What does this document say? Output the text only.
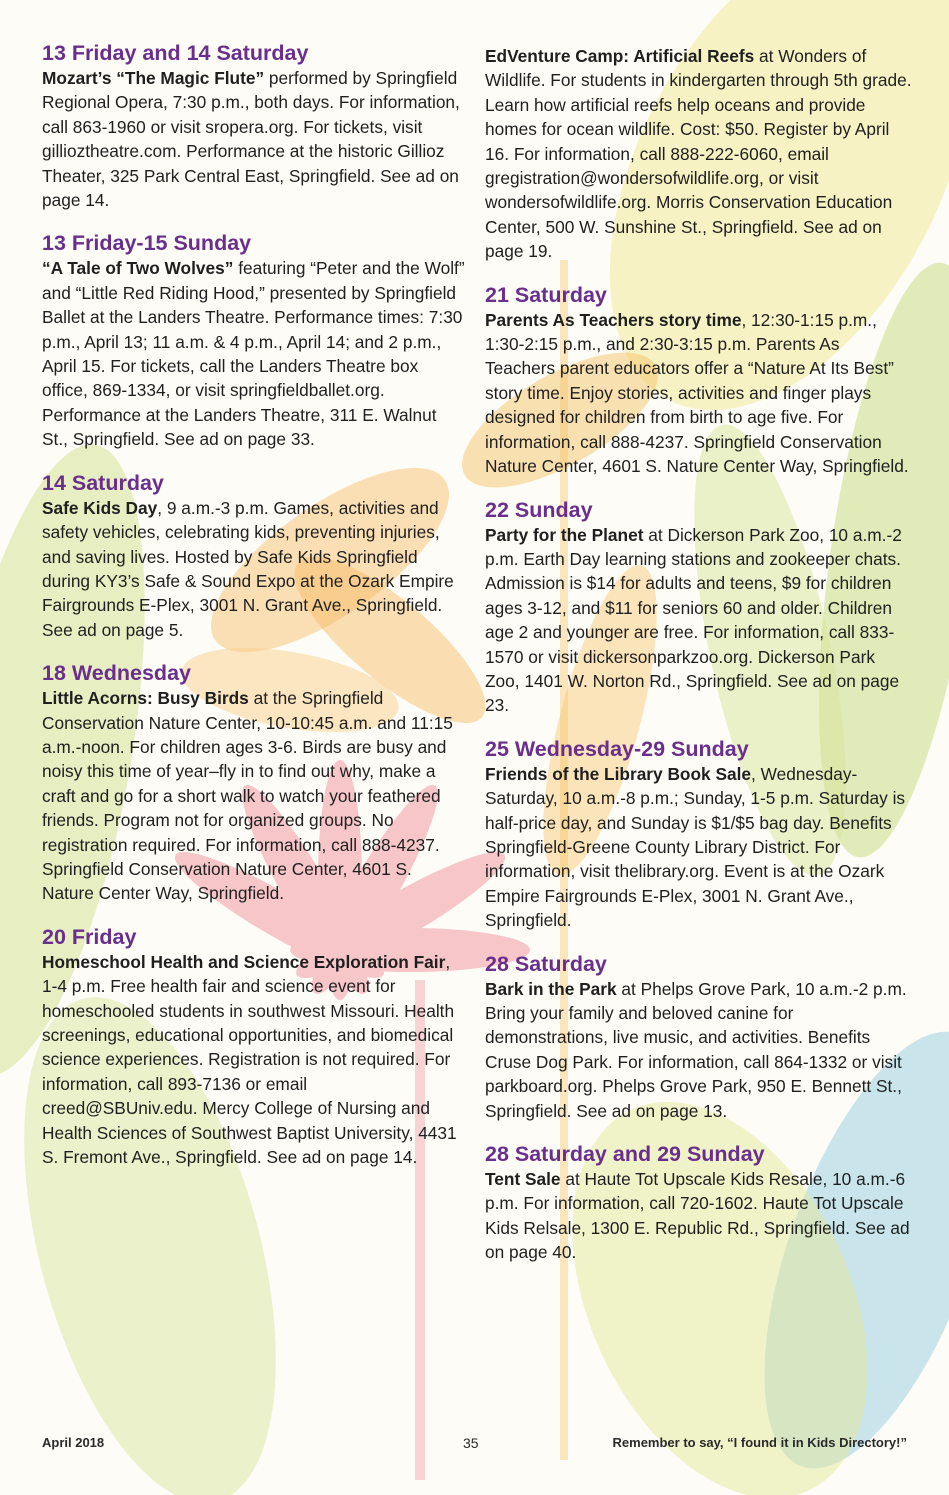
13 Friday and 14 Saturday

Mozart’s “The Magic Flute” performed by Springfield Regional Opera, 7:30 p.m., both days. For information, call 863-1960 or visit sropera.org. For tickets, visit gillioztheatre.com. Performance at the historic Gillioz Theater, 325 Park Central East, Springfield. See ad on page 14.

13 Friday-15 Sunday

“A Tale of Two Wolves” featuring “Peter and the Wolf” and “Little Red Riding Hood,” presented by Springfield Ballet at the Landers Theatre. Performance times: 7:30 p.m., April 13; 11 a.m. & 4 p.m., April 14; and 2 p.m., April 15. For tickets, call the Landers Theatre box office, 869-1334, or visit springfieldballet.org. Performance at the Landers Theatre, 311 E. Walnut St., Springfield. See ad on page 33.

14 Saturday

Safe Kids Day, 9 a.m.-3 p.m. Games, activities and safety vehicles, celebrating kids, preventing injuries, and saving lives. Hosted by Safe Kids Springfield during KY3’s Safe & Sound Expo at the Ozark Empire Fairgrounds E-Plex, 3001 N. Grant Ave., Springfield. See ad on page 5.

18 Wednesday

Little Acorns: Busy Birds at the Springfield Conservation Nature Center, 10-10:45 a.m. and 11:15 a.m.-noon. For children ages 3-6. Birds are busy and noisy this time of year–fly in to find out why, make a craft and go for a short walk to watch your feathered friends. Program not for organized groups. No registration required. For information, call 888-4237. Springfield Conservation Nature Center, 4601 S. Nature Center Way, Springfield.

20 Friday

Homeschool Health and Science Exploration Fair, 1-4 p.m. Free health fair and science event for homeschooled students in southwest Missouri. Health screenings, educational opportunities, and biomedical science experiences. Registration is not required. For information, call 893-7136 or email creed@SBUniv.edu. Mercy College of Nursing and Health Sciences of Southwest Baptist University, 4431 S. Fremont Ave., Springfield. See ad on page 14.

EdVenture Camp: Artificial Reefs at Wonders of Wildlife. For students in kindergarten through 5th grade. Learn how artificial reefs help oceans and provide homes for ocean wildlife. Cost: $50. Register by April 16. For information, call 888-222-6060, email gregistration@wondersofwildlife.org, or visit wondersofwildlife.org. Morris Conservation Education Center, 500 W. Sunshine St., Springfield. See ad on page 19.

21 Saturday

Parents As Teachers story time, 12:30-1:15 p.m., 1:30-2:15 p.m., and 2:30-3:15 p.m. Parents As Teachers parent educators offer a “Nature At Its Best” story time. Enjoy stories, activities and finger plays designed for children from birth to age five. For information, call 888-4237. Springfield Conservation Nature Center, 4601 S. Nature Center Way, Springfield.

22 Sunday

Party for the Planet at Dickerson Park Zoo, 10 a.m.-2 p.m. Earth Day learning stations and zookeeper chats. Admission is $14 for adults and teens, $9 for children ages 3-12, and $11 for seniors 60 and older. Children age 2 and younger are free. For information, call 833-1570 or visit dickersonparkzoo.org. Dickerson Park Zoo, 1401 W. Norton Rd., Springfield. See ad on page 23.

25 Wednesday-29 Sunday

Friends of the Library Book Sale, Wednesday- Saturday, 10 a.m.-8 p.m.; Sunday, 1-5 p.m. Saturday is half-price day, and Sunday is $1/$5 bag day. Benefits Springfield-Greene County Library District. For information, visit thelibrary.org. Event is at the Ozark Empire Fairgrounds E-Plex, 3001 N. Grant Ave., Springfield.

28 Saturday

Bark in the Park at Phelps Grove Park, 10 a.m.-2 p.m. Bring your family and beloved canine for demonstrations, live music, and activities. Benefits Cruse Dog Park. For information, call 864-1332 or visit parkboard.org. Phelps Grove Park, 950 E. Bennett St., Springfield. See ad on page 13.

28 Saturday and 29 Sunday

Tent Sale at Haute Tot Upscale Kids Resale, 10 a.m.-6 p.m. For information, call 720-1602. Haute Tot Upscale Kids Relsale, 1300 E. Republic Rd., Springfield. See ad on page 40.

April 2018	35	Remember to say, “I found it in Kids Directory!”
